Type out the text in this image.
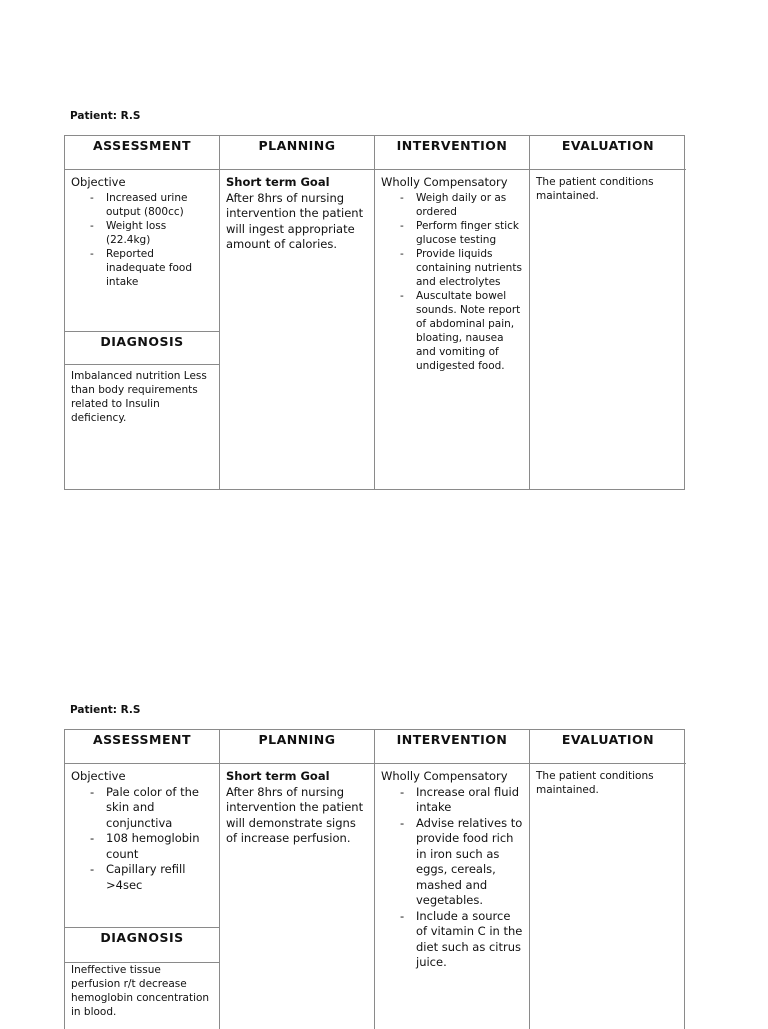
Patient: R.S
ASSESSMENT
Objective
- Increased urine output (800cc)
- Weight loss (22.4kg)
- Reported inadequate food intake
DIAGNOSIS
Imbalanced nutrition Less than body requirements related to Insulin deficiency.
PLANNING
Short term Goal
After 8hrs of nursing intervention the patient will ingest appropriate amount of calories.
INTERVENTION
Wholly Compensatory
- Weigh daily or as ordered
- Perform finger stick glucose testing
- Provide liquids containing nutrients and electrolytes
- Auscultate bowel sounds. Note report of abdominal pain, bloating, nausea and vomiting of undigested food.
EVALUATION
The patient conditions maintained.
Patient: R.S
ASSESSMENT
Objective
- Pale color of the skin and conjunctiva
- 108 hemoglobin count
- Capillary refill >4sec
DIAGNOSIS
Ineffective tissue perfusion r/t decrease hemoglobin concentration in blood.
PLANNING
Short term Goal
After 8hrs of nursing intervention the patient will demonstrate signs of increase perfusion.
INTERVENTION
Wholly Compensatory
- Increase oral fluid intake
- Advise relatives to provide food rich in iron such as eggs, cereals, mashed and vegetables.
- Include a source of vitamin C in the diet such as citrus juice.
EVALUATION
The patient conditions maintained.
